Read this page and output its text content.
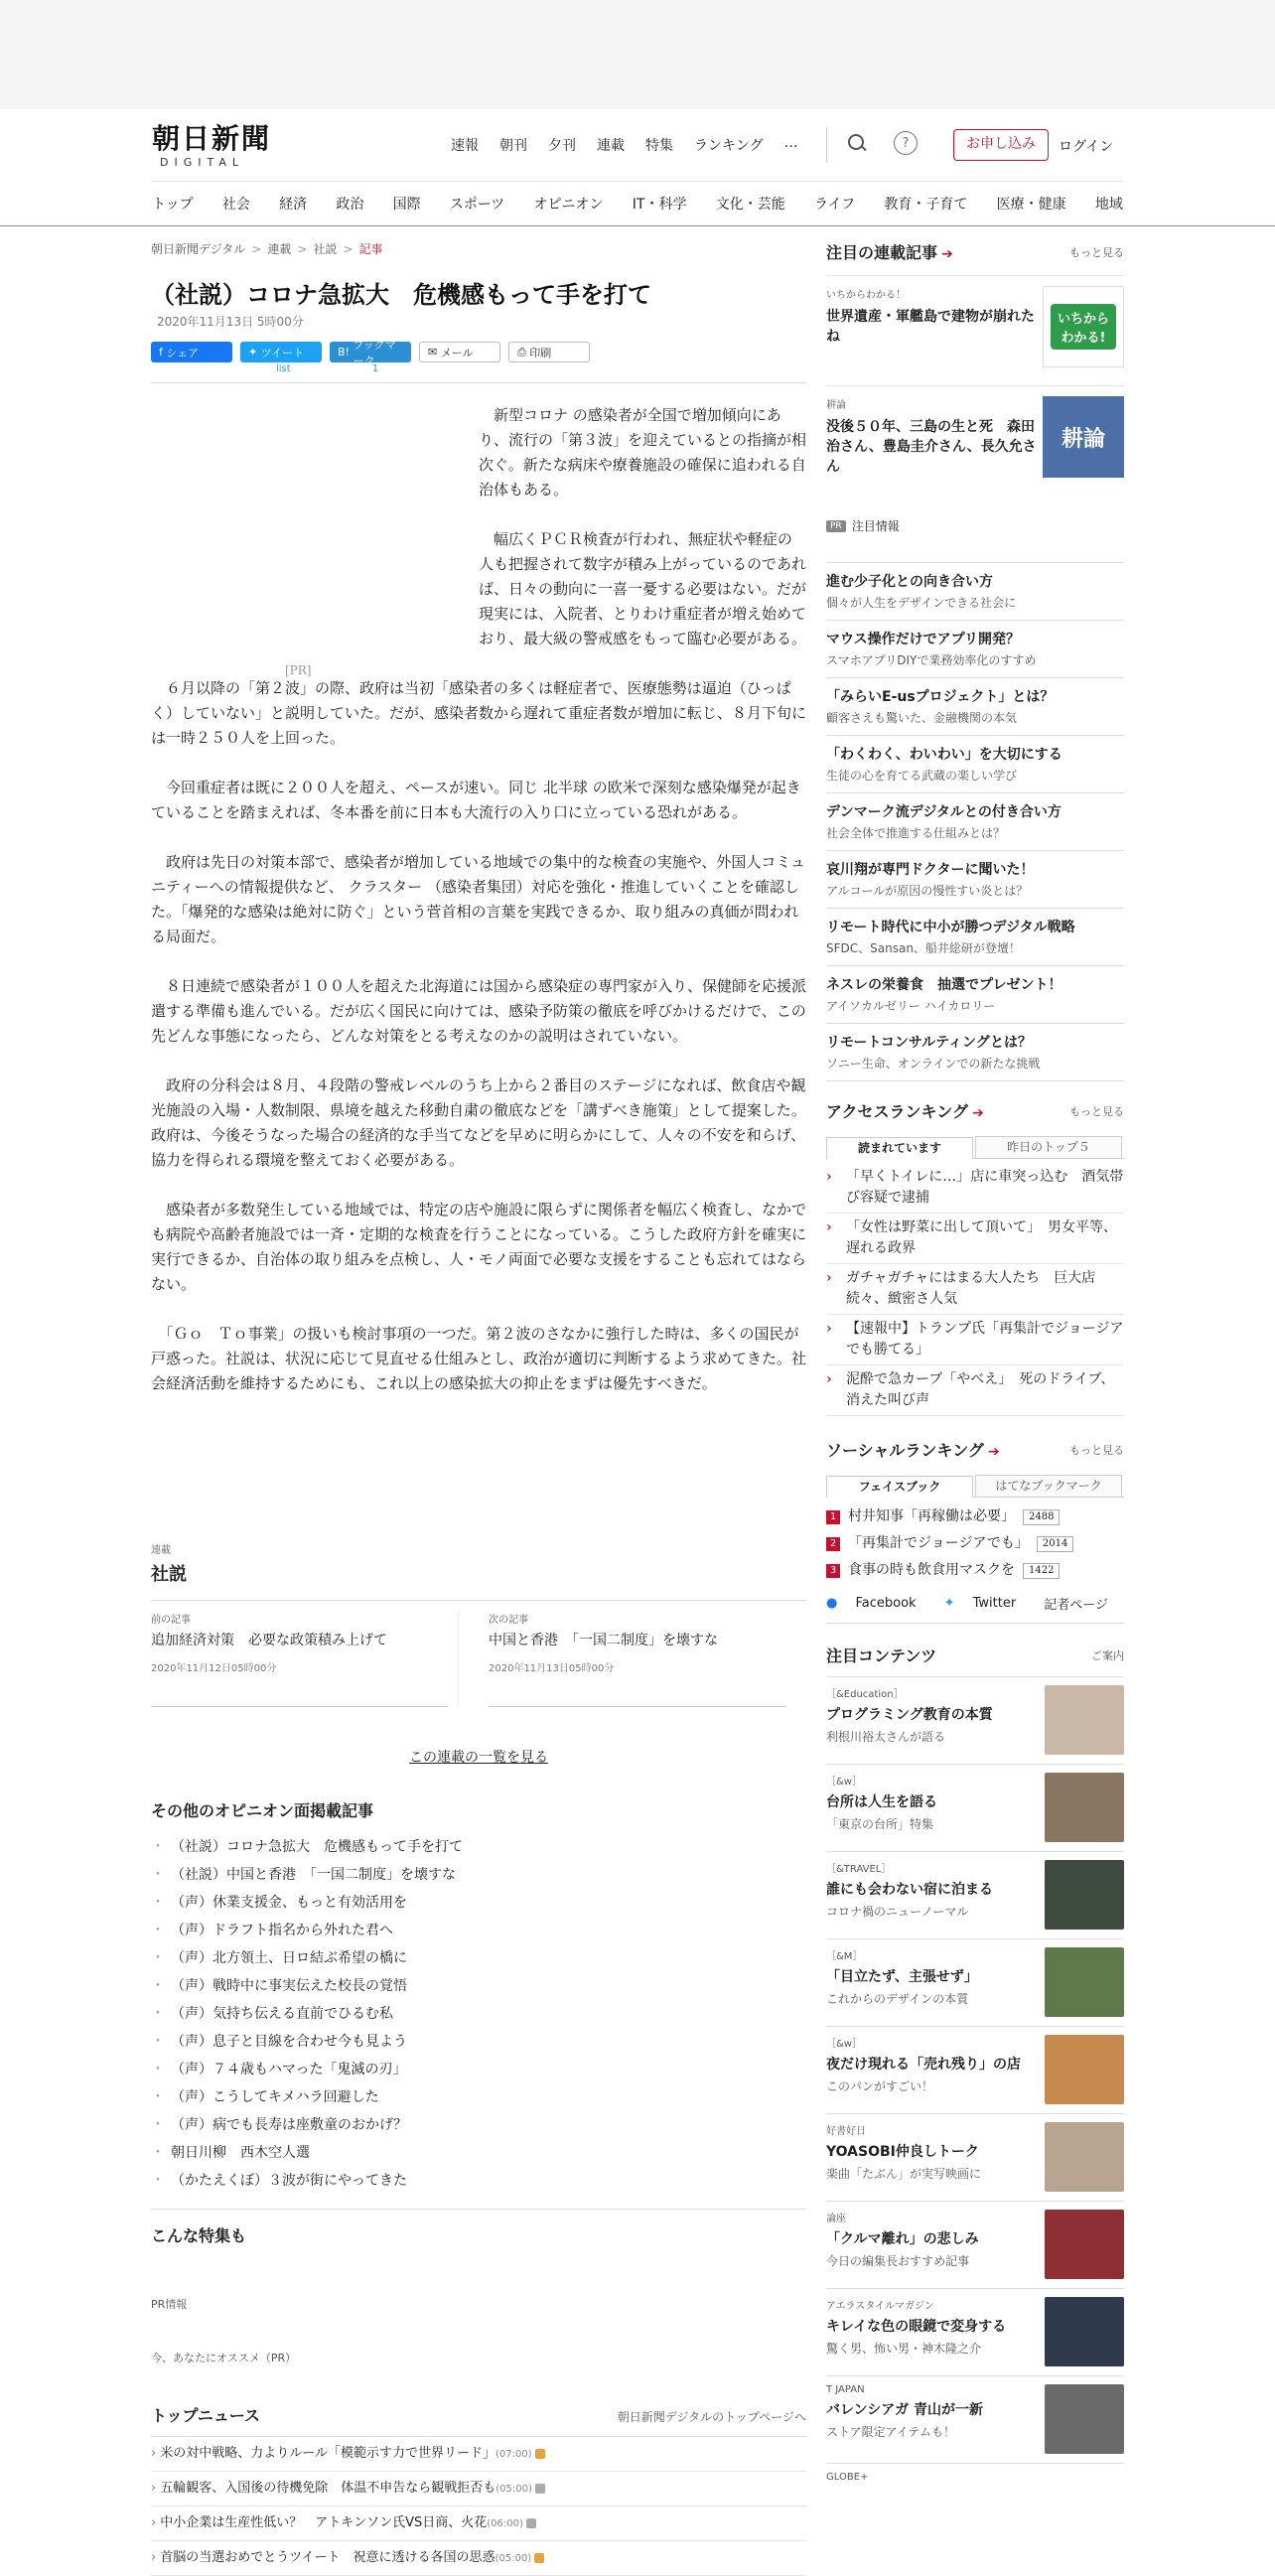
朝日新聞
DIGITAL
速報 朝刊 夕刊 連載 特集 ランキング …	?	お申し込み	ログイン
トップ 社会 経済 政治 国際 スポーツ オピニオン IT・科学 文化・芸能 ライフ 教育・子育て 医療・健康 地域
朝日新聞デジタル > 連載 > 社説 > 記事
（社説）コロナ急拡大　危機感もって手を打て
2020年11月13日 5時00分
f シェア	✦ ツイート	B!
ブックマーク
✉ メール	⎙ 印刷
list	1
[PR]

　新型コロナ の感染者が全国で増加傾向にあり、流行の「第３波」を迎えているとの指摘が相次ぐ。新たな病床や療養施設の確保に追われる自治体もある。

　幅広くＰＣＲ検査が行われ、無症状や軽症の人も把握されて数字が積み上がっているのであれば、日々の動向に一喜一憂する必要はない。だが現実には、入院者、とりわけ重症者が増え始めており、最大級の警戒感をもって臨む必要がある。

　６月以降の「第２波」の際、政府は当初「感染者の多くは軽症者で、医療態勢は逼迫（ひっぱく）していない」と説明していた。だが、感染者数から遅れて重症者数が増加に転じ、８月下旬には一時２５０人を上回った。

　今回重症者は既に２００人を超え、ペースが速い。同じ 北半球 の欧米で深刻な感染爆発が起きていることを踏まえれば、冬本番を前に日本も大流行の入り口に立っている恐れがある。

　政府は先日の対策本部で、感染者が増加している地域での集中的な検査の実施や、外国人コミュニティーへの情報提供など、 クラスター （感染者集団）対応を強化・推進していくことを確認した。「爆発的な感染は絶対に防ぐ」という菅首相の言葉を実践できるか、取り組みの真価が問われる局面だ。

　８日連続で感染者が１００人を超えた北海道には国から感染症の専門家が入り、保健師を応援派遣する準備も進んでいる。だが広く国民に向けては、感染予防策の徹底を呼びかけるだけで、この先どんな事態になったら、どんな対策をとる考えなのかの説明はされていない。

　政府の分科会は８月、４段階の警戒レベルのうち上から２番目のステージになれば、飲食店や観光施設の入場・人数制限、県境を越えた移動自粛の徹底などを「講ずべき施策」として提案した。政府は、今後そうなった場合の経済的な手当てなどを早めに明らかにして、人々の不安を和らげ、協力を得られる環境を整えておく必要がある。

　感染者が多数発生している地域では、特定の店や施設に限らずに関係者を幅広く検査し、なかでも病院や高齢者施設では一斉・定期的な検査を行うことになっている。こうした政府方針を確実に実行できるか、自治体の取り組みを点検し、人・モノ両面で必要な支援をすることも忘れてはならない。

　「Ｇｏ　Ｔｏ事業」の扱いも検討事項の一つだ。第２波のさなかに強行した時は、多くの国民が戸惑った。社説は、状況に応じて見直せる仕組みとし、政治が適切に判断するよう求めてきた。社会経済活動を維持するためにも、これ以上の感染拡大の抑止をまずは優先すべきだ。

連載
社説
前の記事
追加経済対策　必要な政策積み上げて
2020年11月12日05時00分
次の記事
中国と香港　「一国二制度」を壊すな
2020年11月13日05時00分
この連載の一覧を見る
その他のオピニオン面掲載記事
・ （社説）コロナ急拡大　危機感もって手を打て
・ （社説）中国と香港　「一国二制度」を壊すな
・ （声）休業支援金、もっと有効活用を
・ （声）ドラフト指名から外れた君へ
・ （声）北方領土、日ロ結ぶ希望の橋に
・ （声）戦時中に事実伝えた校長の覚悟
・ （声）気持ち伝える直前でひるむ私
・ （声）息子と目線を合わせ今も見よう
・ （声）７４歳もハマった「鬼滅の刃」
・ （声）こうしてキメハラ回避した
・ （声）病でも長寿は座敷童のおかげ？
・ 朝日川柳　西木空人選
・ （かたえくぼ）３波が街にやってきた
こんな特集も
PR情報
今、あなたにオススメ（PR）
トップニュース	朝日新聞デジタルのトップページへ
› 米の対中戦略、力よりルール「模範示す力で世界リード」(07:00)
› 五輪観客、入国後の待機免除　体温不申告なら観戦拒否も(05:00)
› 中小企業は生産性低い？　アトキンソン氏VS日商、火花(06:00)
› 首脳の当選おめでとうツイート　祝意に透ける各国の思惑(05:00)
注目の連載記事 ➔	もっと見る
いちからわかる！
世界遺産・軍艦島で建物が崩れたね
いちから わかる!
耕論
没後５０年、三島の生と死　森田治さん、豊島圭介さん、長久允さん
耕論
PR 注目情報
進む少子化との向き合い方
個々が人生をデザインできる社会に
マウス操作だけでアプリ開発？
スマホアプリDIYで業務効率化のすすめ
「みらいE-usプロジェクト」とは？
顧客さえも驚いた、金融機関の本気
「わくわく、わいわい」を大切にする
生徒の心を育てる武蔵の楽しい学び
デンマーク流デジタルとの付き合い方
社会全体で推進する仕組みとは？
哀川翔が専門ドクターに聞いた！
アルコールが原因の慢性すい炎とは？
リモート時代に中小が勝つデジタル戦略
SFDC、Sansan、船井総研が登壇！
ネスレの栄養食　抽選でプレゼント！
アイソカルゼリー ハイカロリー
リモートコンサルティングとは？
ソニー生命、オンラインでの新たな挑戦
アクセスランキング ➔	もっと見る
読まれています	昨日のトップ５
›	「早くトイレに…」店に車突っ込む　酒気帯び容疑で逮捕
›	「女性は野菜に出して頂いて」　男女平等、遅れる政界
›	ガチャガチャにはまる大人たち　巨大店続々、緻密さ人気
›	【速報中】トランプ氏「再集計でジョージアでも勝てる」
›	泥酔で急カーブ「やべえ」　死のドライブ、消えた叫び声
ソーシャルランキング ➔	もっと見る
フェイスブック	はてなブックマーク
1 村井知事「再稼働は必要」	2488
2 「再集計でジョージアでも」	2014
3 食事の時も飲食用マスクを	1422
● Facebook	✦ Twitter	記者ページ
注目コンテンツ	ご案内
［&Education］
プログラミング教育の本質
利根川裕太さんが語る
［&w］
台所は人生を語る
「東京の台所」特集
［&TRAVEL］
誰にも会わない宿に泊まる
コロナ禍のニューノーマル
［&M］
「目立たず、主張せず」
これからのデザインの本質
［&w］
夜だけ現れる「売れ残り」の店
このパンがすごい！
好書好日
YOASOBI仲良しトーク
楽曲「たぶん」が実写映画に
論座
「クルマ離れ」の悲しみ
今日の編集長おすすめ記事
アエラスタイルマガジン
キレイな色の眼鏡で変身する
驚く男、怖い男・神木隆之介
T JAPAN
バレンシアガ 青山が一新
ストア限定アイテムも！
GLOBE+
